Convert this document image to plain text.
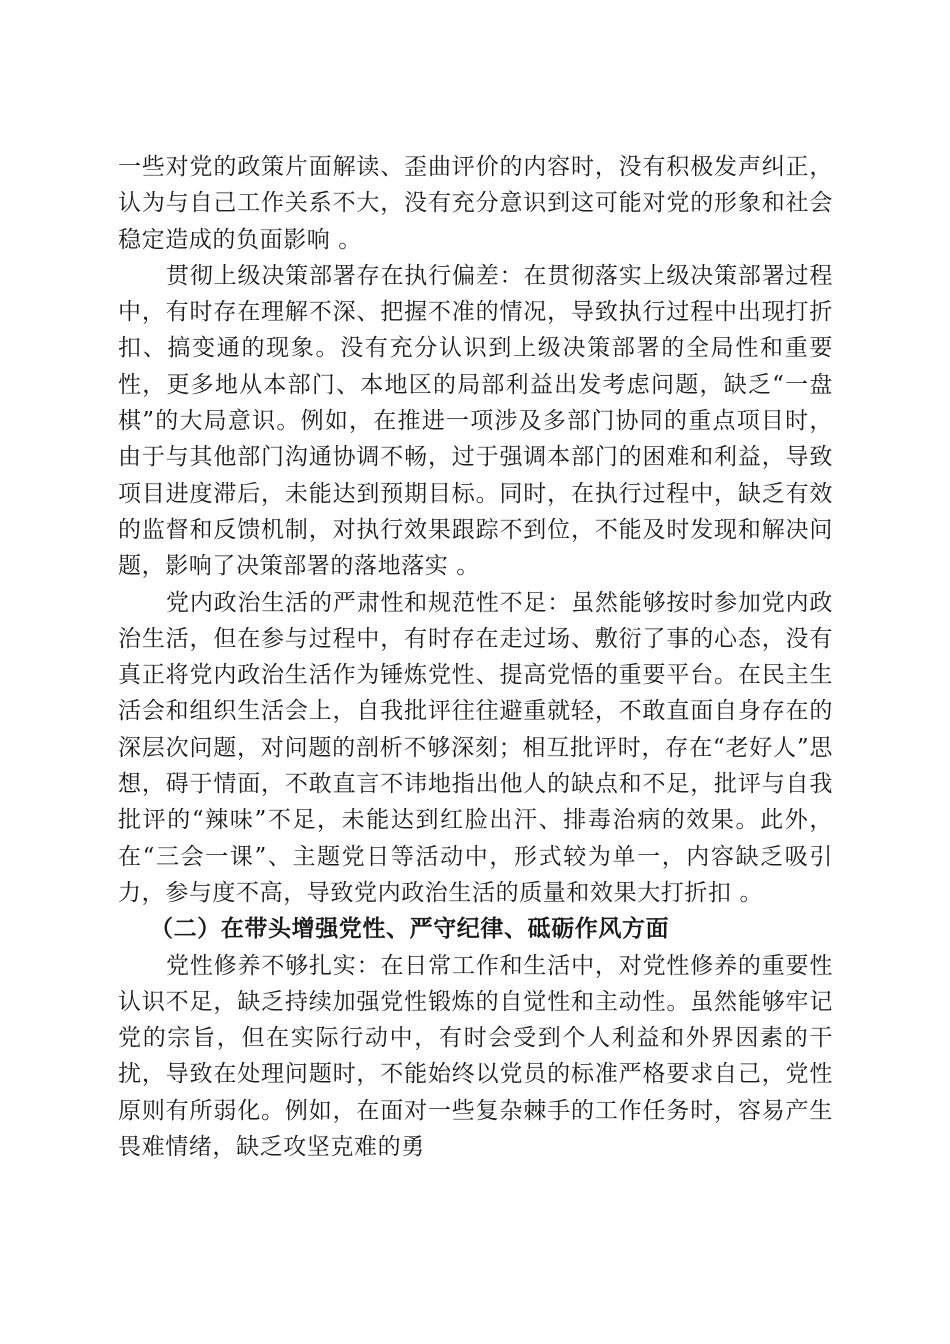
一些对党的政策片面解读、歪曲评价的内容时，没有积极发声纠正，认为与自己工作关系不大，没有充分意识到这可能对党的形象和社会稳定造成的负面影响 。

贯彻上级决策部署存在执行偏差：在贯彻落实上级决策部署过程中，有时存在理解不深、把握不准的情况，导致执行过程中出现打折扣、搞变通的现象。没有充分认识到上级决策部署的全局性和重要性，更多地从本部门、本地区的局部利益出发考虑问题，缺乏“一盘棋”的大局意识。例如，在推进一项涉及多部门协同的重点项目时，由于与其他部门沟通协调不畅，过于强调本部门的困难和利益，导致项目进度滞后，未能达到预期目标。同时，在执行过程中，缺乏有效的监督和反馈机制，对执行效果跟踪不到位，不能及时发现和解决问题，影响了决策部署的落地落实 。

党内政治生活的严肃性和规范性不足：虽然能够按时参加党内政治生活，但在参与过程中，有时存在走过场、敷衍了事的心态，没有真正将党内政治生活作为锤炼党性、提高党悟的重要平台。在民主生活会和组织生活会上，自我批评往往避重就轻，不敢直面自身存在的深层次问题，对问题的剖析不够深刻；相互批评时，存在“老好人”思想，碍于情面，不敢直言不讳地指出他人的缺点和不足，批评与自我批评的“辣味”不足，未能达到红脸出汗、排毒治病的效果。此外，在“三会一课”、主题党日等活动中，形式较为单一，内容缺乏吸引力，参与度不高，导致党内政治生活的质量和效果大打折扣 。

（二）在带头增强党性、严守纪律、砥砺作风方面

党性修养不够扎实：在日常工作和生活中，对党性修养的重要性认识不足，缺乏持续加强党性锻炼的自觉性和主动性。虽然能够牢记党的宗旨，但在实际行动中，有时会受到个人利益和外界因素的干扰，导致在处理问题时，不能始终以党员的标准严格要求自己，党性原则有所弱化。例如，在面对一些复杂棘手的工作任务时，容易产生畏难情绪，缺乏攻坚克难的勇
